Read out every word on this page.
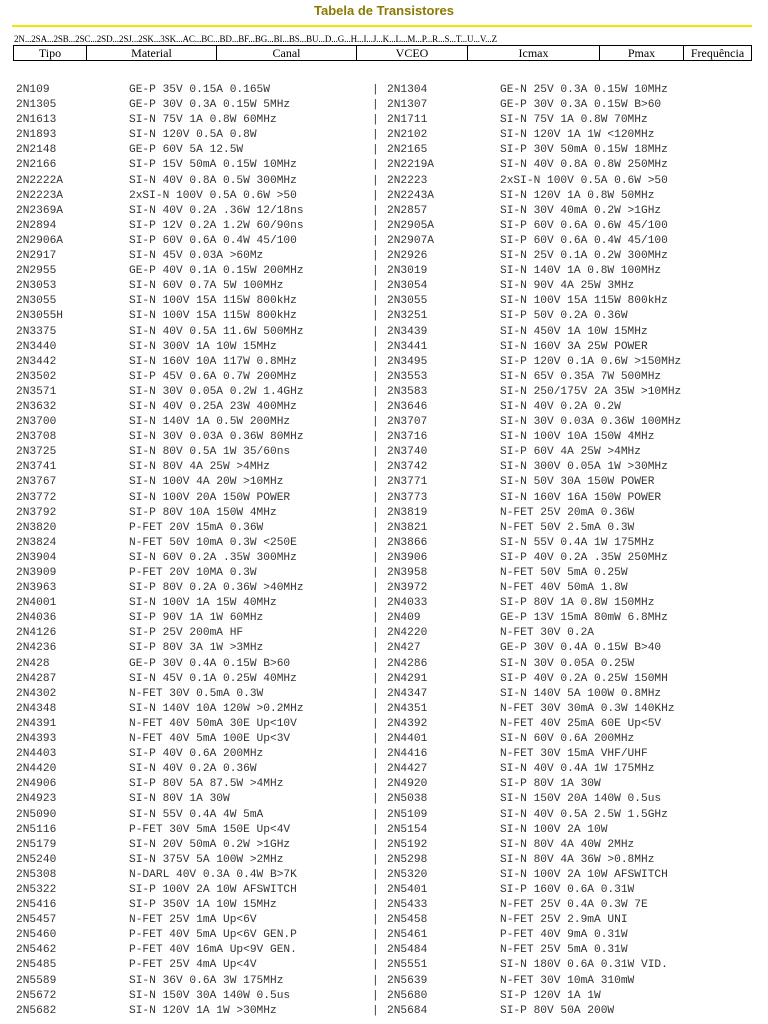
Tabela de Transistores
2N...2SA...2SB...2SC...2SD...2SJ...2SK...3SK...AC...BC...BD...BF...BG...BI...BS...BU...D...G...H...I...J...K...L...M...P...R...S...T...U...V...Z
Tipo	Material	Canal	VCEO	Icmax	Pmax	Frequência
2N109	GE-P 35V 0.15A 0.165W	| 2N1304	GE-N 25V 0.3A 0.15W 10MHz
2N1305	GE-P 30V 0.3A 0.15W 5MHz	| 2N1307	GE-P 30V 0.3A 0.15W B>60
2N1613	SI-N 75V 1A 0.8W 60MHz	| 2N1711	SI-N 75V 1A 0.8W 70MHz
2N1893	SI-N 120V 0.5A 0.8W	| 2N2102	SI-N 120V 1A 1W <120MHz
2N2148	GE-P 60V 5A 12.5W	| 2N2165	SI-P 30V 50mA 0.15W 18MHz
2N2166	SI-P 15V 50mA 0.15W 10MHz	| 2N2219A	SI-N 40V 0.8A 0.8W 250MHz
2N2222A	SI-N 40V 0.8A 0.5W 300MHz	| 2N2223	2xSI-N 100V 0.5A 0.6W >50
2N2223A	2xSI-N 100V 0.5A 0.6W >50	| 2N2243A	SI-N 120V 1A 0.8W 50MHz
2N2369A	SI-N 40V 0.2A .36W 12/18ns	| 2N2857	SI-N 30V 40mA 0.2W >1GHz
2N2894	SI-P 12V 0.2A 1.2W 60/90ns	| 2N2905A	SI-P 60V 0.6A 0.6W 45/100
2N2906A	SI-P 60V 0.6A 0.4W 45/100	| 2N2907A	SI-P 60V 0.6A 0.4W 45/100
2N2917	SI-N 45V 0.03A >60Mz	| 2N2926	SI-N 25V 0.1A 0.2W 300MHz
2N2955	GE-P 40V 0.1A 0.15W 200MHz	| 2N3019	SI-N 140V 1A 0.8W 100MHz
2N3053	SI-N 60V 0.7A 5W 100MHz	| 2N3054	SI-N 90V 4A 25W 3MHz
2N3055	SI-N 100V 15A 115W 800kHz	| 2N3055	SI-N 100V 15A 115W 800kHz
2N3055H	SI-N 100V 15A 115W 800kHz	| 2N3251	SI-P 50V 0.2A 0.36W
2N3375	SI-N 40V 0.5A 11.6W 500MHz	| 2N3439	SI-N 450V 1A 10W 15MHz
2N3440	SI-N 300V 1A 10W 15MHz	| 2N3441	SI-N 160V 3A 25W POWER
2N3442	SI-N 160V 10A 117W 0.8MHz	| 2N3495	SI-P 120V 0.1A 0.6W >150MHz
2N3502	SI-P 45V 0.6A 0.7W 200MHz	| 2N3553	SI-N 65V 0.35A 7W 500MHz
2N3571	SI-N 30V 0.05A 0.2W 1.4GHz	| 2N3583	SI-N 250/175V 2A 35W >10MHz
2N3632	SI-N 40V 0.25A 23W 400MHz	| 2N3646	SI-N 40V 0.2A 0.2W
2N3700	SI-N 140V 1A 0.5W 200MHz	| 2N3707	SI-N 30V 0.03A 0.36W 100MHz
2N3708	SI-N 30V 0.03A 0.36W 80MHz	| 2N3716	SI-N 100V 10A 150W 4MHz
2N3725	SI-N 80V 0.5A 1W 35/60ns	| 2N3740	SI-P 60V 4A 25W >4MHz
2N3741	SI-N 80V 4A 25W >4MHz	| 2N3742	SI-N 300V 0.05A 1W >30MHz
2N3767	SI-N 100V 4A 20W >10MHz	| 2N3771	SI-N 50V 30A 150W POWER
2N3772	SI-N 100V 20A 150W POWER	| 2N3773	SI-N 160V 16A 150W POWER
2N3792	SI-P 80V 10A 150W 4MHz	| 2N3819	N-FET 25V 20mA 0.36W
2N3820	P-FET 20V 15mA 0.36W	| 2N3821	N-FET 50V 2.5mA 0.3W
2N3824	N-FET 50V 10mA 0.3W <250E	| 2N3866	SI-N 55V 0.4A 1W 175MHz
2N3904	SI-N 60V 0.2A .35W 300MHz	| 2N3906	SI-P 40V 0.2A .35W 250MHz
2N3909	P-FET 20V 10MA 0.3W	| 2N3958	N-FET 50V 5mA 0.25W
2N3963	SI-P 80V 0.2A 0.36W >40MHz	| 2N3972	N-FET 40V 50mA 1.8W
2N4001	SI-N 100V 1A 15W 40MHz	| 2N4033	SI-P 80V 1A 0.8W 150MHz
2N4036	SI-P 90V 1A 1W 60MHz	| 2N409	GE-P 13V 15mA 80mW 6.8MHz
2N4126	SI-P 25V 200mA HF	| 2N4220	N-FET 30V 0.2A
2N4236	SI-P 80V 3A 1W >3MHz	| 2N427	GE-P 30V 0.4A 0.15W B>40
2N428	GE-P 30V 0.4A 0.15W B>60	| 2N4286	SI-N 30V 0.05A 0.25W
2N4287	SI-N 45V 0.1A 0.25W 40MHz	| 2N4291	SI-P 40V 0.2A 0.25W 150MH
2N4302	N-FET 30V 0.5mA 0.3W	| 2N4347	SI-N 140V 5A 100W 0.8MHz
2N4348	SI-N 140V 10A 120W >0.2MHz	| 2N4351	N-FET 30V 30mA 0.3W 140KHz
2N4391	N-FET 40V 50mA 30E Up<10V	| 2N4392	N-FET 40V 25mA 60E Up<5V
2N4393	N-FET 40V 5mA 100E Up<3V	| 2N4401	SI-N 60V 0.6A 200MHz
2N4403	SI-P 40V 0.6A 200MHz	| 2N4416	N-FET 30V 15mA VHF/UHF
2N4420	SI-N 40V 0.2A 0.36W	| 2N4427	SI-N 40V 0.4A 1W 175MHz
2N4906	SI-P 80V 5A 87.5W >4MHz	| 2N4920	SI-P 80V 1A 30W
2N4923	SI-N 80V 1A 30W	| 2N5038	SI-N 150V 20A 140W 0.5us
2N5090	SI-N 55V 0.4A 4W 5mA	| 2N5109	SI-N 40V 0.5A 2.5W 1.5GHz
2N5116	P-FET 30V 5mA 150E Up<4V	| 2N5154	SI-N 100V 2A 10W
2N5179	SI-N 20V 50mA 0.2W >1GHz	| 2N5192	SI-N 80V 4A 40W 2MHz
2N5240	SI-N 375V 5A 100W >2MHz	| 2N5298	SI-N 80V 4A 36W >0.8MHz
2N5308	N-DARL 40V 0.3A 0.4W B>7K	| 2N5320	SI-N 100V 2A 10W AFSWITCH
2N5322	SI-P 100V 2A 10W AFSWITCH	| 2N5401	SI-P 160V 0.6A 0.31W
2N5416	SI-P 350V 1A 10W 15MHz	| 2N5433	N-FET 25V 0.4A 0.3W 7E
2N5457	N-FET 25V 1mA Up<6V	| 2N5458	N-FET 25V 2.9mA UNI
2N5460	P-FET 40V 5mA Up<6V GEN.P	| 2N5461	P-FET 40V 9mA 0.31W
2N5462	P-FET 40V 16mA Up<9V GEN.	| 2N5484	N-FET 25V 5mA 0.31W
2N5485	P-FET 25V 4mA Up<4V	| 2N5551	SI-N 180V 0.6A 0.31W VID.
2N5589	SI-N 36V 0.6A 3W 175MHz	| 2N5639	N-FET 30V 10mA 310mW
2N5672	SI-N 150V 30A 140W 0.5us	| 2N5680	SI-P 120V 1A 1W
2N5682	SI-N 120V 1A 1W >30MHz	| 2N5684	SI-P 80V 50A 200W
